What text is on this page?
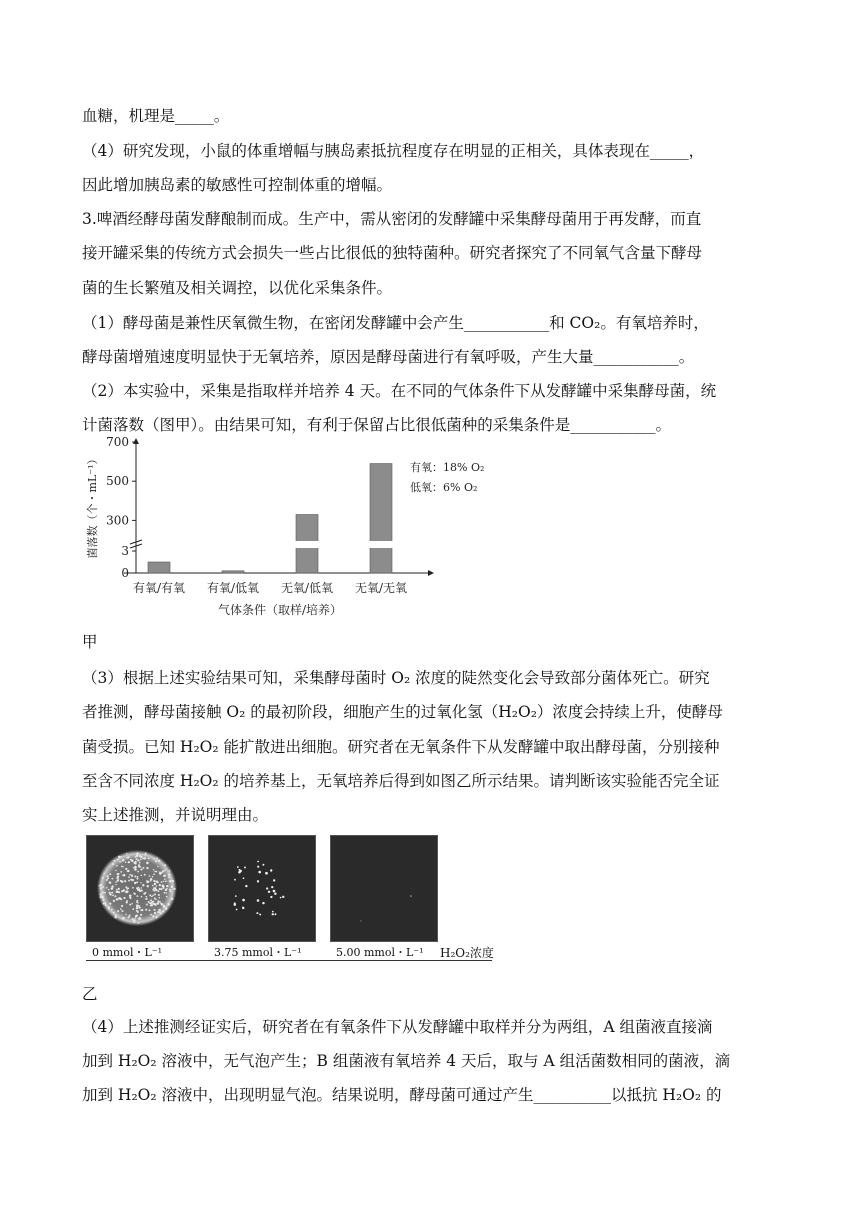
血糖，机理是_____。
（4）研究发现，小鼠的体重增幅与胰岛素抵抗程度存在明显的正相关，具体表现在_____，
因此增加胰岛素的敏感性可控制体重的增幅。
3.啤酒经酵母菌发酵酿制而成。生产中，需从密闭的发酵罐中采集酵母菌用于再发酵，而直
接开罐采集的传统方式会损失一些占比很低的独特菌种。研究者探究了不同氧气含量下酵母
菌的生长繁殖及相关调控，以优化采集条件。
（1）酵母菌是兼性厌氧微生物，在密闭发酵罐中会产生___________和 CO₂。有氧培养时，
酵母菌增殖速度明显快于无氧培养，原因是酵母菌进行有氧呼吸，产生大量___________。
（2）本实验中，采集是指取样并培养 4 天。在不同的气体条件下从发酵罐中采集酵母菌，统
计菌落数（图甲）。由结果可知，有利于保留占比很低菌种的采集条件是___________。
0
3
300
500
700
有氧/有氧 有氧/低氧 无氧/低氧 无氧/无氧
菌落数（个・mL⁻¹）
气体条件（取样/培养）
有氧：18% O₂
低氧：6% O₂
甲
（3）根据上述实验结果可知，采集酵母菌时 O₂ 浓度的陡然变化会导致部分菌体死亡。研究
者推测，酵母菌接触 O₂ 的最初阶段，细胞产生的过氧化氢（H₂O₂）浓度会持续上升，使酵母
菌受损。已知 H₂O₂ 能扩散进出细胞。研究者在无氧条件下从发酵罐中取出酵母菌，分别接种
至含不同浓度 H₂O₂ 的培养基上，无氧培养后得到如图乙所示结果。请判断该实验能否完全证
实上述推测，并说明理由。
0 mmol・L⁻¹	3.75 mmol・L⁻¹	5.00 mmol・L⁻¹ H₂O₂浓度
乙
（4）上述推测经证实后，研究者在有氧条件下从发酵罐中取样并分为两组，A 组菌液直接滴
加到 H₂O₂ 溶液中，无气泡产生；B 组菌液有氧培养 4 天后，取与 A 组活菌数相同的菌液，滴
加到 H₂O₂ 溶液中，出现明显气泡。结果说明，酵母菌可通过产生__________以抵抗 H₂O₂ 的
